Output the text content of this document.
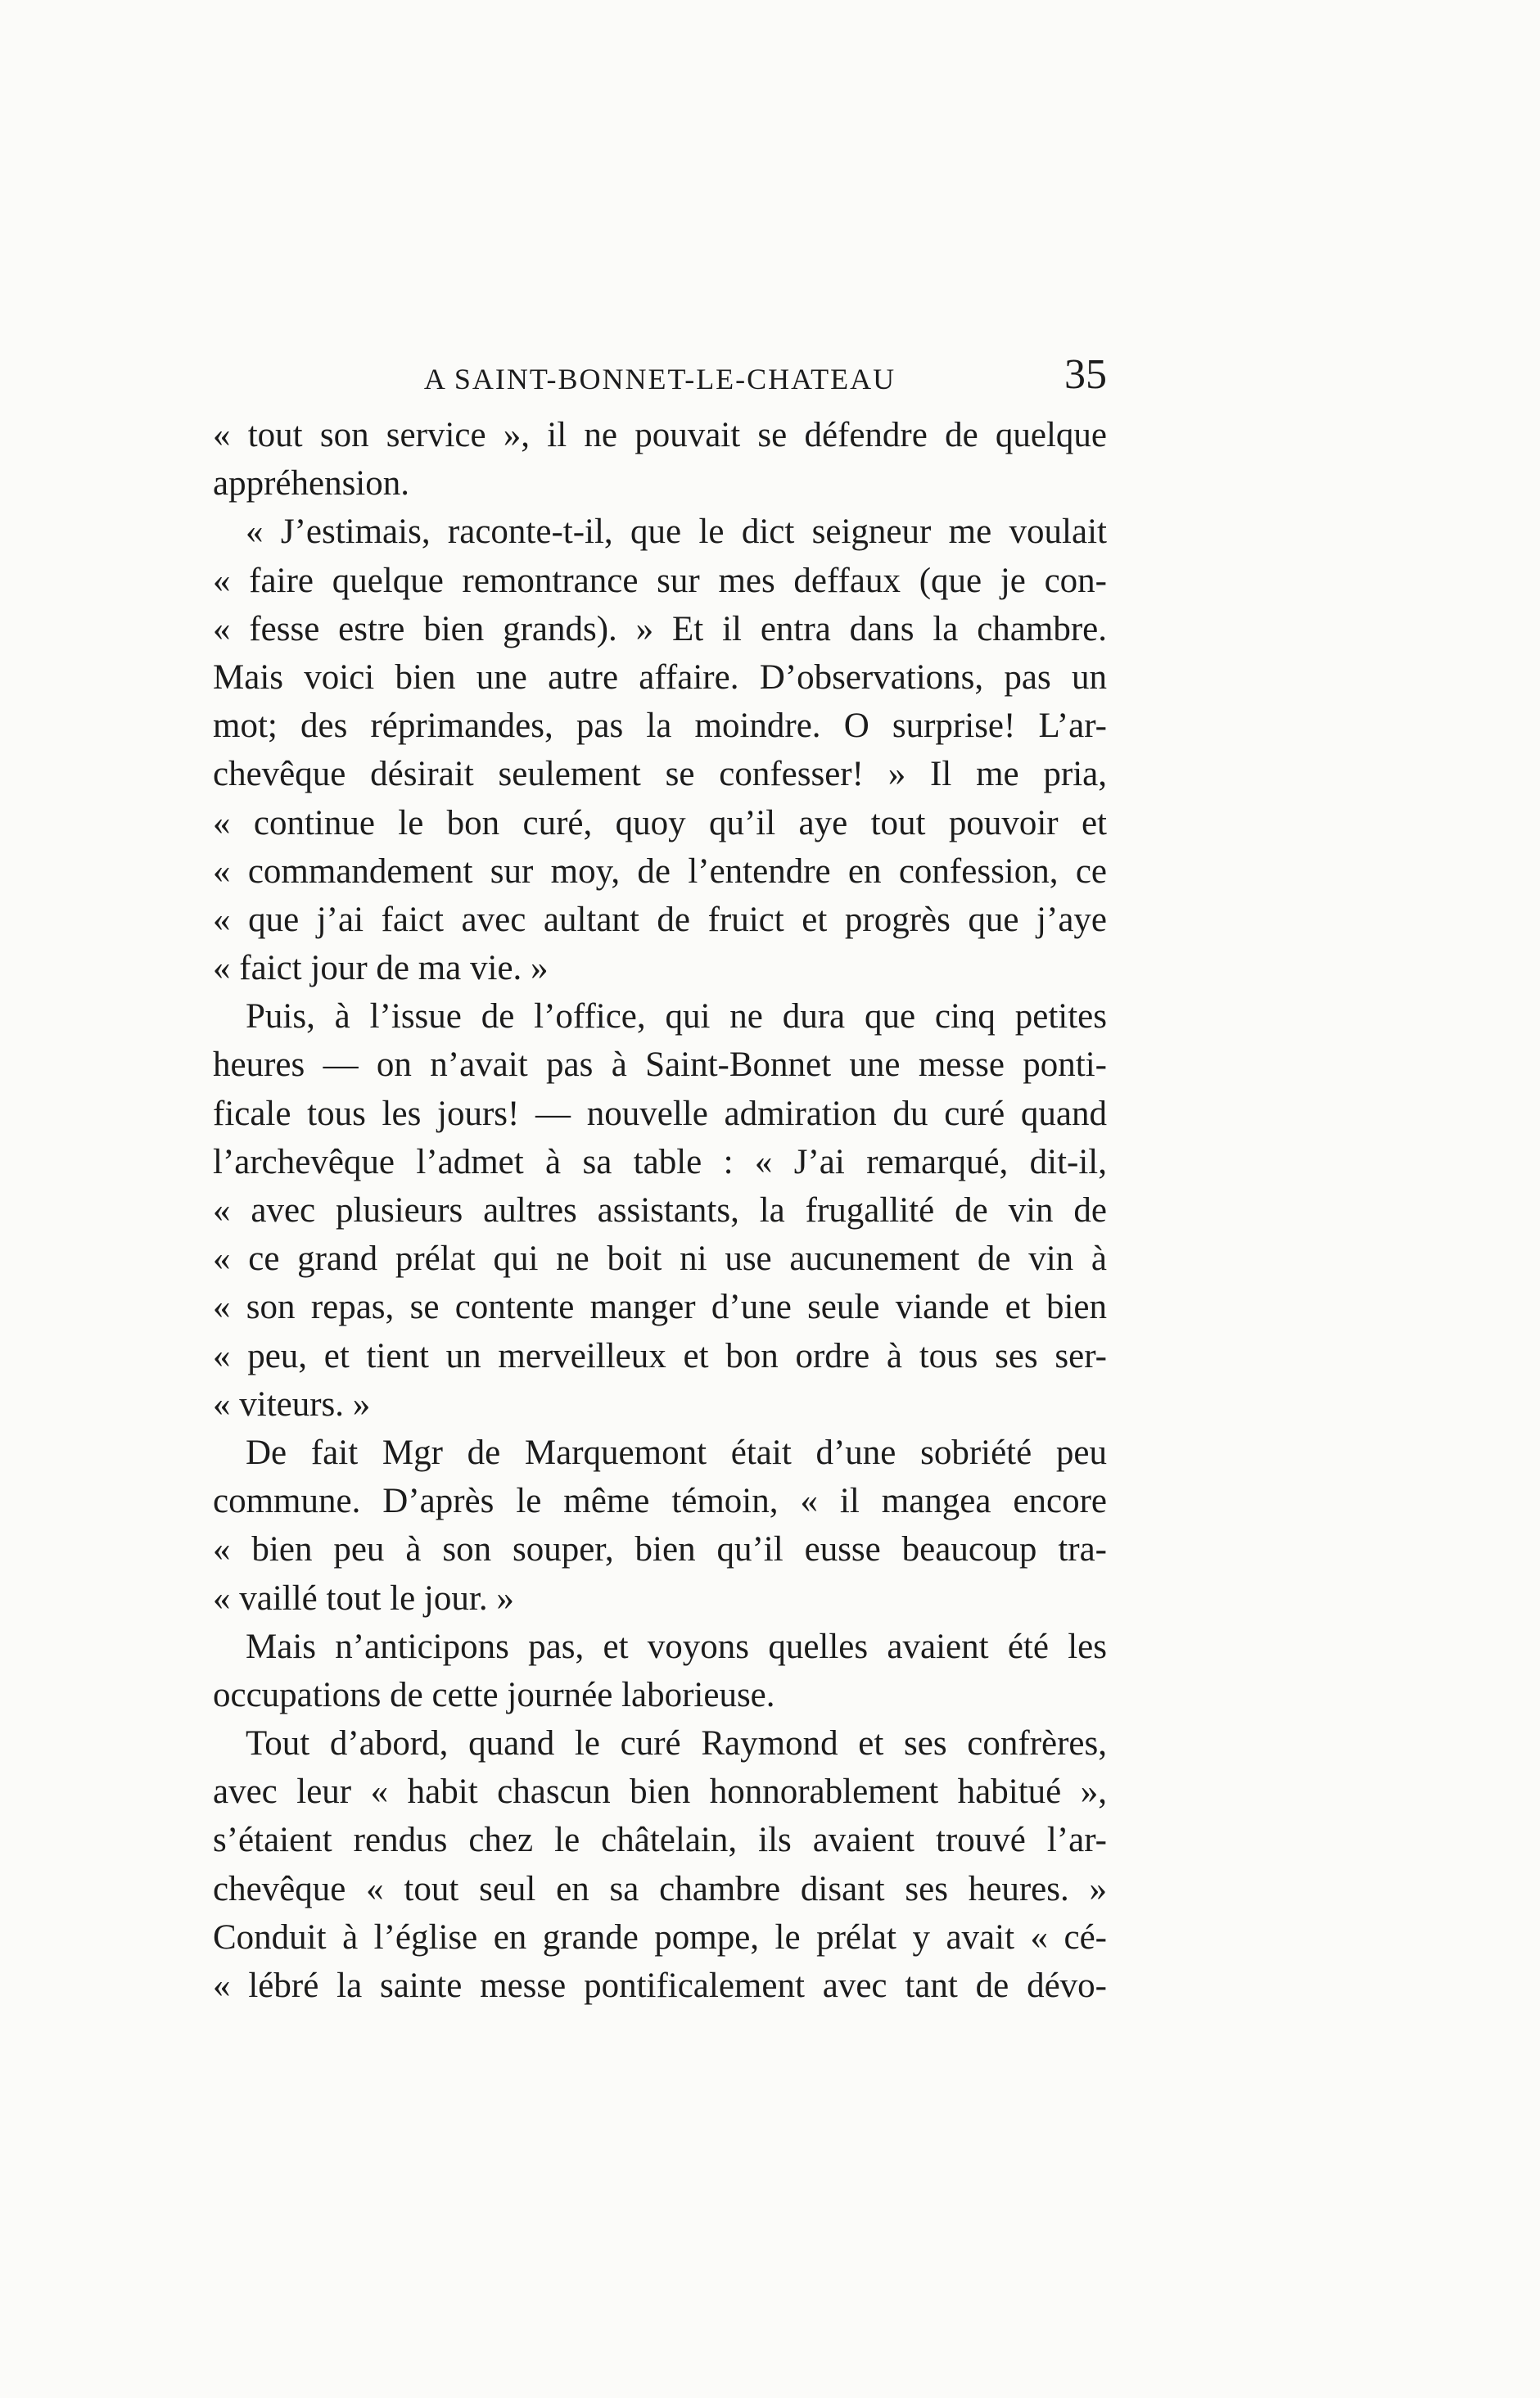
A SAINT-BONNET-LE-CHATEAU	35
« tout son service », il ne pouvait se défendre de quelque
appréhension.
« J’estimais, raconte-t-il, que le dict seigneur me voulait
« faire quelque remontrance sur mes deffaux (que je con-
« fesse estre bien grands). » Et il entra dans la chambre.
Mais voici bien une autre affaire. D’observations, pas un
mot; des réprimandes, pas la moindre. O surprise! L’ar-
chevêque désirait seulement se confesser! » Il me pria,
« continue le bon curé, quoy qu’il aye tout pouvoir et
« commandement sur moy, de l’entendre en confession, ce
« que j’ai faict avec aultant de fruict et progrès que j’aye
« faict jour de ma vie. »
Puis, à l’issue de l’office, qui ne dura que cinq petites
heures — on n’avait pas à Saint-Bonnet une messe ponti-
ficale tous les jours! — nouvelle admiration du curé quand
l’archevêque l’admet à sa table : « J’ai remarqué, dit-il,
« avec plusieurs aultres assistants, la frugallité de vin de
« ce grand prélat qui ne boit ni use aucunement de vin à
« son repas, se contente manger d’une seule viande et bien
« peu, et tient un merveilleux et bon ordre à tous ses ser-
« viteurs. »
De fait Mgr de Marquemont était d’une sobriété peu
commune. D’après le même témoin, « il mangea encore
« bien peu à son souper, bien qu’il eusse beaucoup tra-
« vaillé tout le jour. »
Mais n’anticipons pas, et voyons quelles avaient été les
occupations de cette journée laborieuse.
Tout d’abord, quand le curé Raymond et ses confrères,
avec leur « habit chascun bien honnorablement habitué »,
s’étaient rendus chez le châtelain, ils avaient trouvé l’ar-
chevêque « tout seul en sa chambre disant ses heures. »
Conduit à l’église en grande pompe, le prélat y avait « cé-
« lébré la sainte messe pontificalement avec tant de dévo-
